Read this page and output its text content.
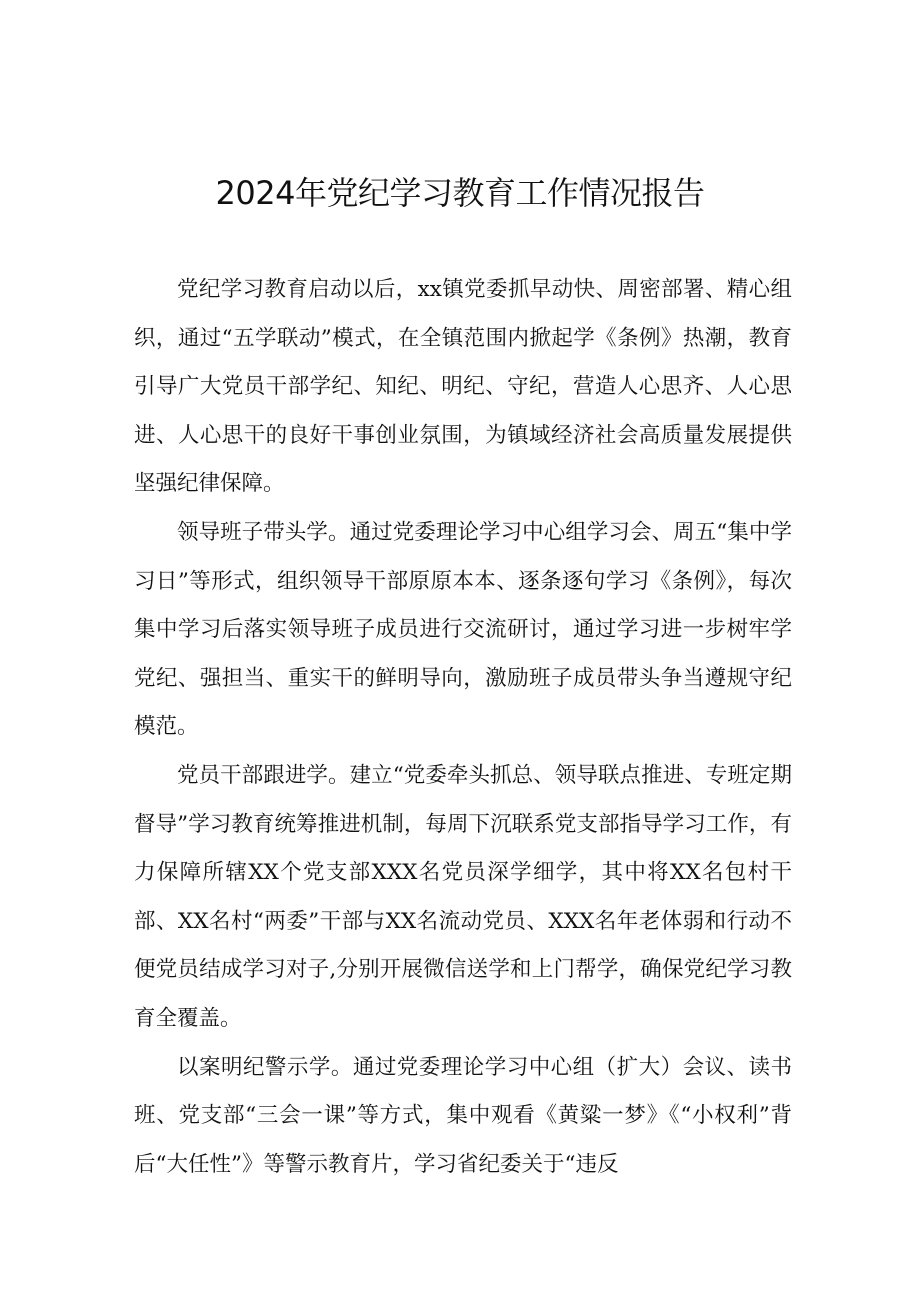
2024年党纪学习教育工作情况报告

党纪学习教育启动以后，xx镇党委抓早动快、周密部署、精心组织，通过“五学联动”模式，在全镇范围内掀起学《条例》热潮，教育引导广大党员干部学纪、知纪、明纪、守纪，营造人心思齐、人心思进、人心思干的良好干事创业氛围，为镇域经济社会高质量发展提供坚强纪律保障。

领导班子带头学。通过党委理论学习中心组学习会、周五“集中学习日”等形式，组织领导干部原原本本、逐条逐句学习《条例》，每次集中学习后落实领导班子成员进行交流研讨，通过学习进一步树牢学党纪、强担当、重实干的鲜明导向，激励班子成员带头争当遵规守纪模范。

党员干部跟进学。建立“党委牵头抓总、领导联点推进、专班定期督导”学习教育统筹推进机制，每周下沉联系党支部指导学习工作，有力保障所辖XX个党支部XXX名党员深学细学，其中将XX名包村干部、XX名村“两委”干部与XX名流动党员、XXX名年老体弱和行动不便党员结成学习对子,分别开展微信送学和上门帮学，确保党纪学习教育全覆盖。

以案明纪警示学。通过党委理论学习中心组（扩大）会议、读书班、党支部“三会一课”等方式，集中观看《黄粱一梦》《“小权利”背后“大任性”》等警示教育片，学习省纪委关于“违反
